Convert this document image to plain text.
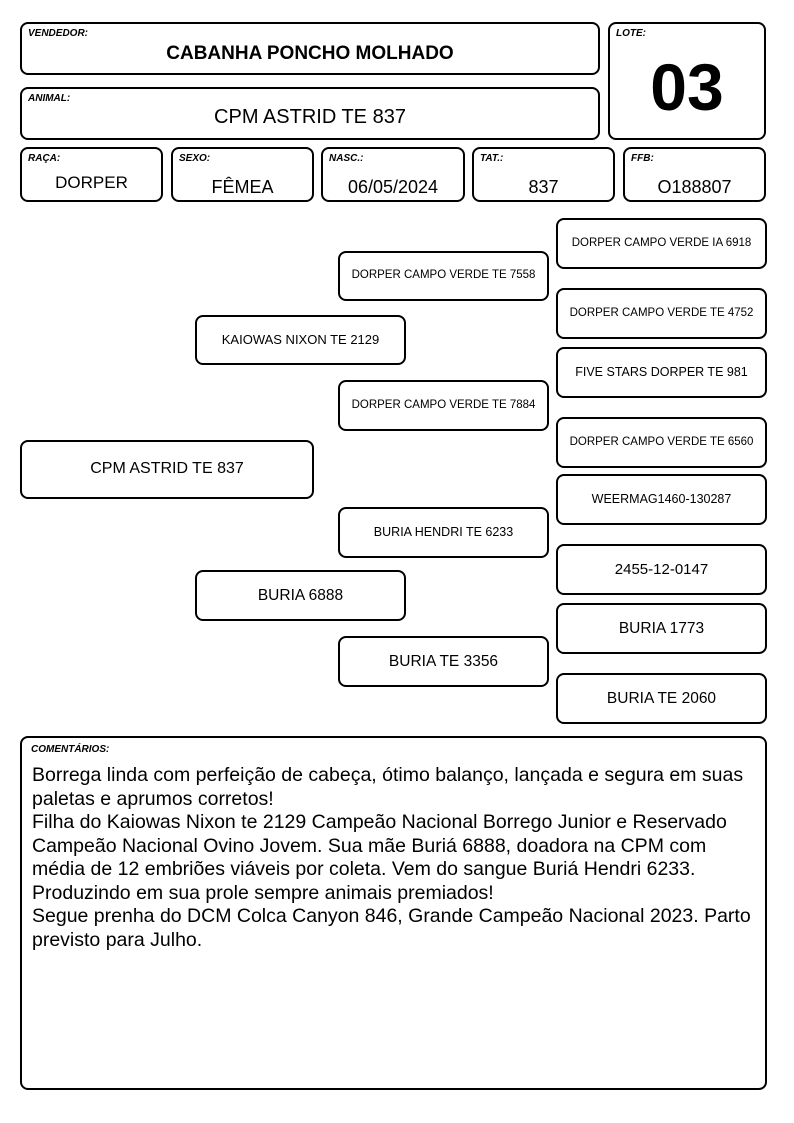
VENDEDOR:
CABANHA PONCHO MOLHADO
ANIMAL:
CPM ASTRID TE 837
LOTE:
03
RAÇA:
DORPER
SEXO:
FÊMEA
NASC.:
06/05/2024
TAT.:
837
FFB:
O188807
CPM ASTRID TE 837
KAIOWAS NIXON TE 2129
BURIA 6888
DORPER CAMPO VERDE TE 7558
DORPER CAMPO VERDE TE 7884
BURIA HENDRI TE 6233
BURIA TE 3356
DORPER CAMPO VERDE IA 6918
DORPER CAMPO VERDE TE 4752
FIVE STARS DORPER TE 981
DORPER CAMPO VERDE TE 6560
WEERMAG1460-130287
2455-12-0147
BURIA 1773
BURIA TE 2060
COMENTÁRIOS:
Borrega linda com perfeição de cabeça, ótimo balanço, lançada e segura em suas paletas e aprumos corretos!
Filha do Kaiowas Nixon te 2129 Campeão Nacional Borrego Junior e Reservado Campeão Nacional Ovino Jovem. Sua mãe Buriá 6888, doadora na CPM com média de 12 embriões viáveis por coleta. Vem do sangue Buriá Hendri 6233. Produzindo em sua prole sempre animais premiados!
Segue prenha do DCM Colca Canyon 846, Grande Campeão Nacional 2023. Parto previsto para Julho.
